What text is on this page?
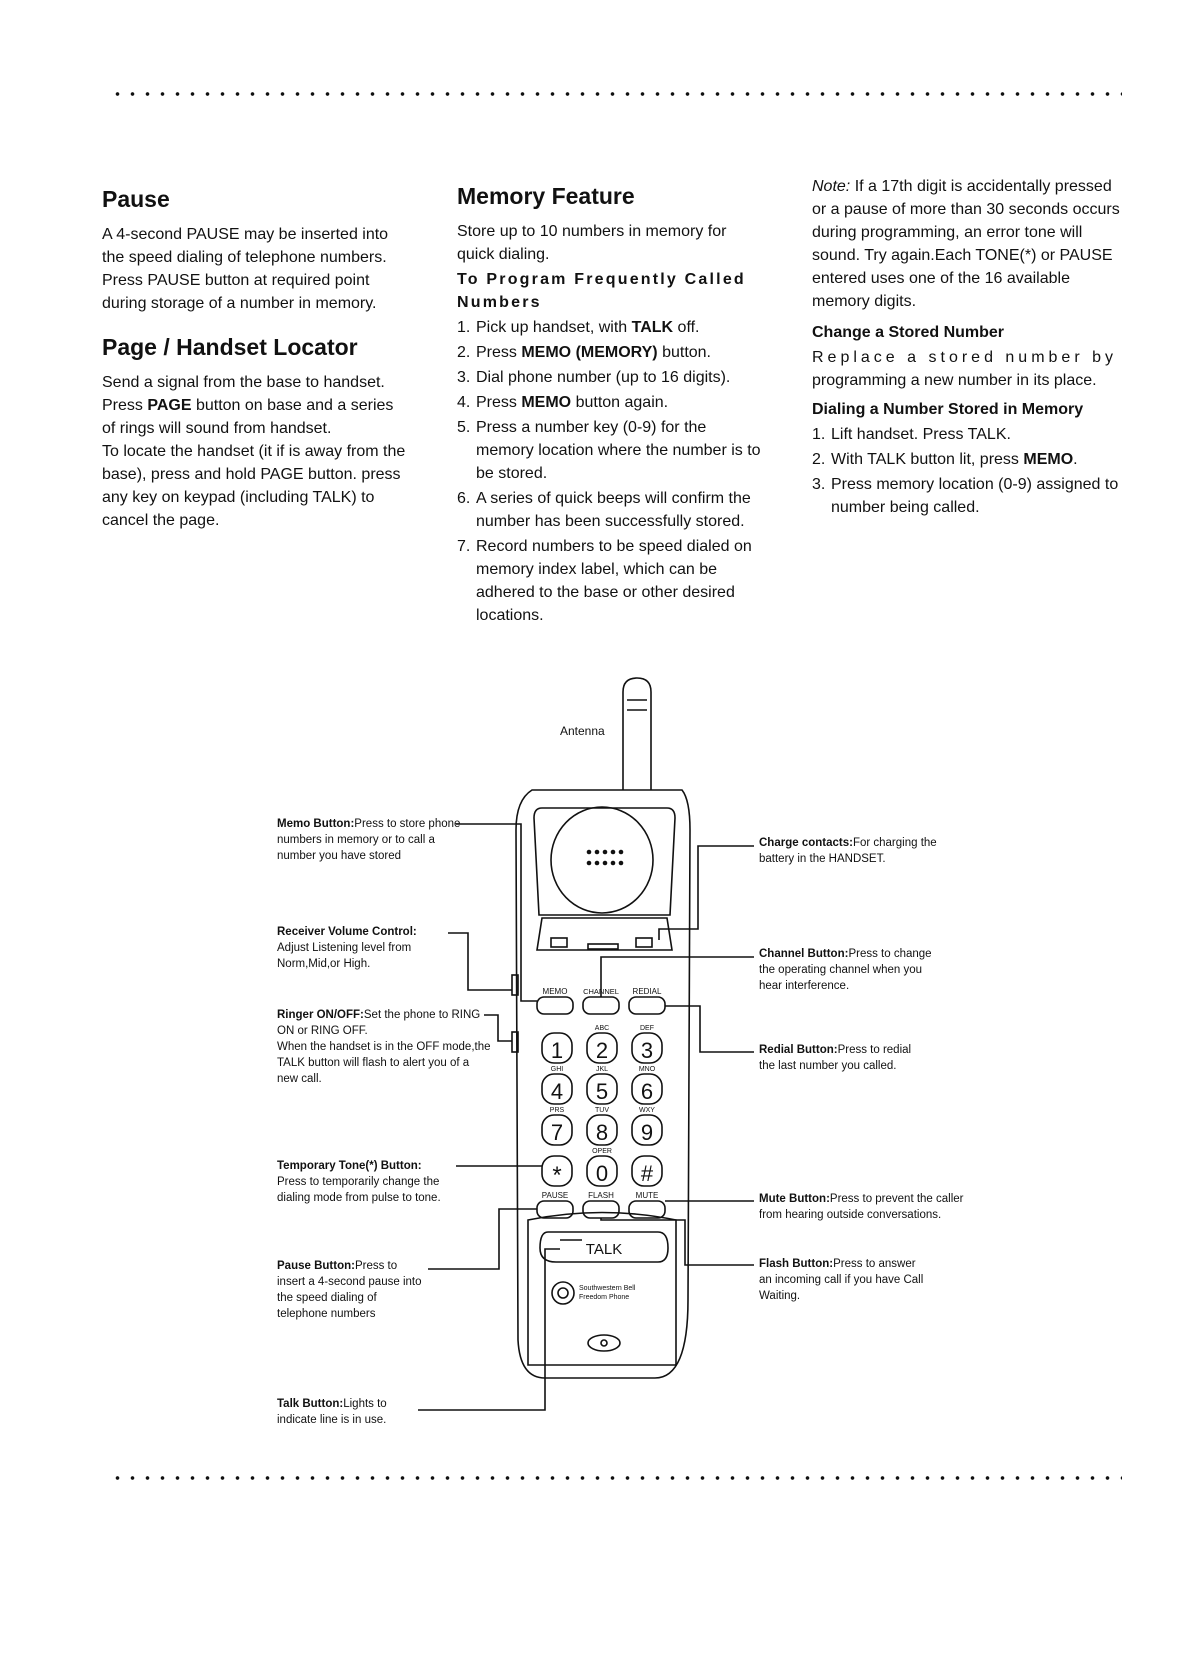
Pause

A 4-second PAUSE may be inserted into the speed dialing of telephone numbers. Press PAUSE button at required point during storage of a number in memory.

Page / Handset Locator

Send a signal from the base to handset. Press PAGE button on base and a series of rings will sound from handset.

To locate the handset (it if is away from the base), press and hold PAGE button. press any key on keypad (including TALK) to cancel the page.

Memory Feature

Store up to 10 numbers in memory for quick dialing.

To Program Frequently Called Numbers
1. Pick up handset, with TALK off.
2. Press MEMO (MEMORY) button.
3. Dial phone number (up to 16 digits).
4. Press MEMO button again.
5. Press a number key (0-9) for the memory location where the number is to be stored.
6. A series of quick beeps will confirm the number has been successfully stored.
7. Record numbers to be speed dialed on memory index label, which can be adhered to the base or other desired locations.

Note: If a 17th digit is accidentally pressed or a pause of more than 30 seconds occurs during programming, an error tone will sound. Try again.Each TONE(*) or PAUSE entered uses one of the 16 available memory digits.

Change a Stored Number

Replace a stored number by

programming a new number in its place.

Dialing a Number Stored in Memory
1. Lift handset. Press TALK.
2. With TALK button lit, press MEMO.
3. Press memory location (0-9) assigned to number being called.
MEMO CHANNEL REDIAL
1 2 3
4 5 6
7 8 9
* 0 #
ABC	DEF
GHI	JKL	MNO
PRS	TUV	WXY
OPER
PAUSE FLASH	MUTE
TALK
Southwestern Bell
Freedom Phone
Antenna

Memo Button:Press to store phone numbers in memory or to call a number you have stored

Receiver Volume Control:

Adjust Listening level from Norm,Mid,or High.

Ringer ON/OFF:Set the phone to RING ON or RING OFF.

When the handset is in the OFF mode,the TALK button will flash to alert you of a new call.

Temporary Tone(*) Button:

Press to temporarily change the dialing mode from pulse to tone.

Pause Button:Press to insert a 4-second pause into the speed dialing of telephone numbers

Talk Button:Lights to indicate line is in use.

Charge contacts:For charging the battery in the HANDSET.

Channel Button:Press to change the operating channel when you hear interference.

Redial Button:Press to redial the last number you called.

Mute Button:Press to prevent the caller from hearing outside conversations.

Flash Button:Press to answer an incoming call if you have Call Waiting.
